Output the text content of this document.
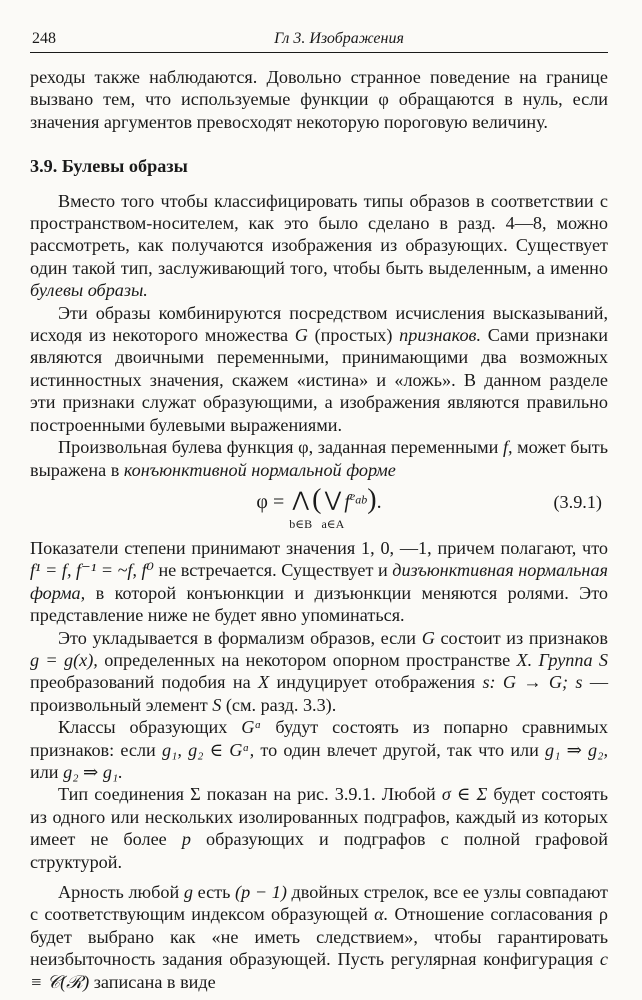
248	Гл 3. Изображения

реходы также наблюдаются. Довольно странное поведение на границе вызвано тем, что используемые функции φ обращаются в нуль, если значения аргументов превосходят некоторую пороговую величину.

3.9. Булевы образы

Вместо того чтобы классифицировать типы образов в соответствии с пространством-носителем, как это было сделано в разд. 4—8, можно рассмотреть, как получаются изображения из образующих. Существует один такой тип, заслуживающий того, чтобы быть выделенным, а именно булевы образы.

Эти образы комбинируются посредством исчисления высказываний, исходя из некоторого множества G (простых) признаков. Сами признаки являются двоичными переменными, принимающими два возможных истинностных значения, скажем «истина» и «ложь». В данном разделе эти признаки служат образующими, а изображения являются правильно построенными булевыми выражениями.

Произвольная булева функция φ, заданная переменными f, может быть выражена в конъюнктивной нормальной форме

φ = ⋀
b∈B( ⋁
$a\in Af^{e_{ab}}$).	(3.9.1)

Показатели степени принимают значения 1, 0, —1, причем полагают, что f¹ = f, f⁻¹ = ~f, f⁰ не встречается. Существует и дизъюнктивная нормальная форма, в которой конъюнкции и дизъюнкции меняются ролями. Это представление ниже не будет явно упоминаться.

Это укладывается в формализм образов, если G состоит из признаков g = g(x), определенных на некотором опорном пространстве X. Группа S преобразований подобия на X индуцирует отображения s: G → G; s — произвольный элемент S (см. разд. 3.3).

Классы образующих Gᵅ будут состоять из попарно сравнимых признаков: если g₁, g₂ ∈ Gᵅ, то один влечет другой, так что или g₁ ⇒ g₂, или g₂ ⇒ g₁.

Тип соединения Σ показан на рис. 3.9.1. Любой σ ∈ Σ будет состоять из одного или нескольких изолированных подграфов, каждый из которых имеет не более p образующих и подграфов с полной графовой структурой.

Арность любой g есть (p − 1) двойных стрелок, все ее узлы совпадают с соответствующим индексом образующей α. Отношение согласования ρ будет выбрано как «не иметь следствием», чтобы гарантировать неизбыточность задания образующей. Пусть регулярная конфигурация c ≡ 𝒞(ℛ) записана в виде
